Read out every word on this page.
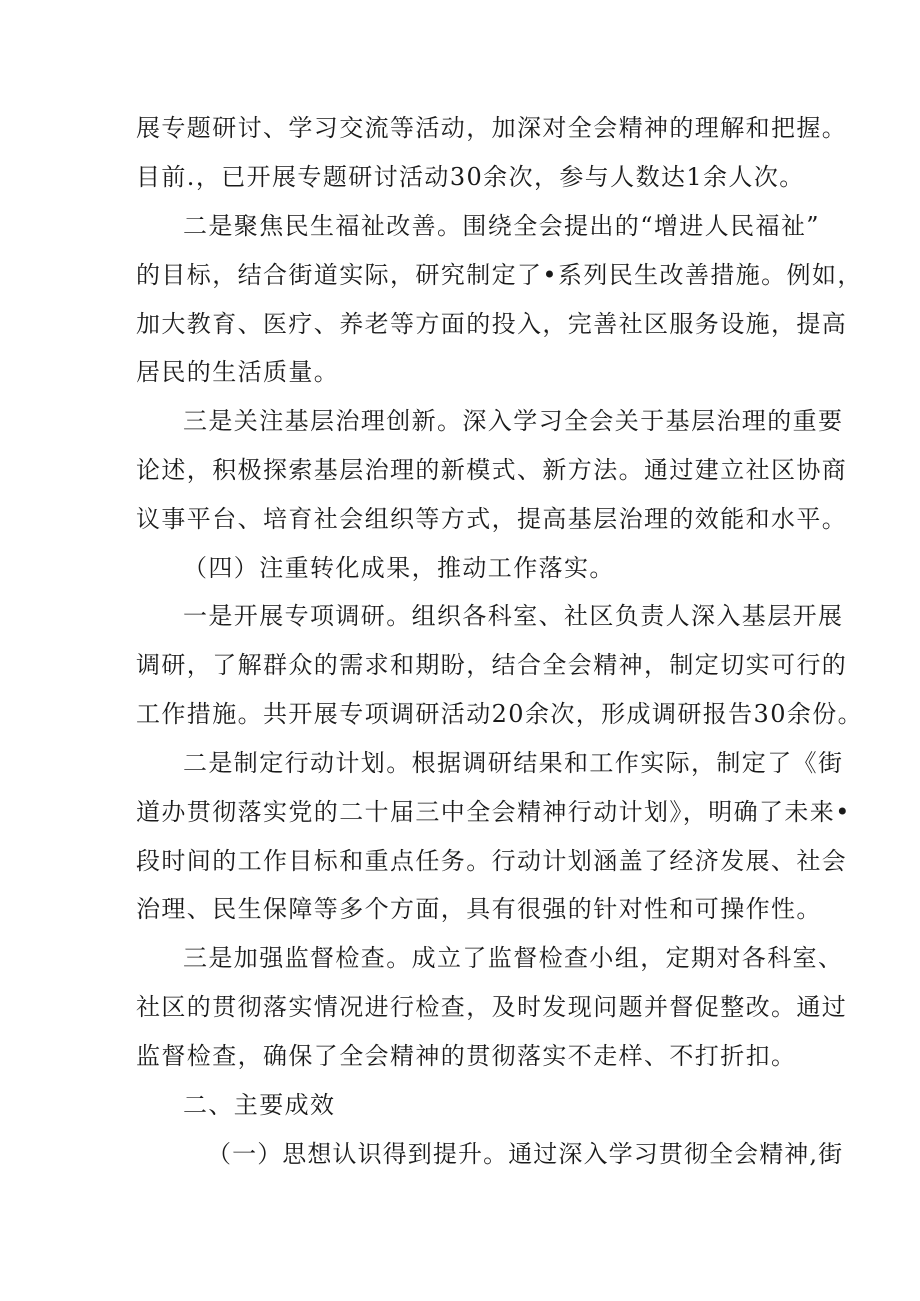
展专题研讨、学习交流等活动，加深对全会精神的理解和把握。
目前.，已开展专题研讨活动30余次，参与人数达1余人次。
二是聚焦民生福祉改善。围绕全会提出的“增进人民福祉”
的目标，结合街道实际，研究制定了•系列民生改善措施。例如，
加大教育、医疗、养老等方面的投入，完善社区服务设施，提高
居民的生活质量。
三是关注基层治理创新。深入学习全会关于基层治理的重要
论述，积极探索基层治理的新模式、新方法。通过建立社区协商
议事平台、培育社会组织等方式，提高基层治理的效能和水平。
（四）注重转化成果，推动工作落实。
一是开展专项调研。组织各科室、社区负责人深入基层开展
调研，了解群众的需求和期盼，结合全会精神，制定切实可行的
工作措施。共开展专项调研活动20余次，形成调研报告30余份。
二是制定行动计划。根据调研结果和工作实际，制定了《街
道办贯彻落实党的二十届三中全会精神行动计划》，明确了未来•
段时间的工作目标和重点任务。行动计划涵盖了经济发展、社会
治理、民生保障等多个方面，具有很强的针对性和可操作性。
三是加强监督检查。成立了监督检查小组，定期对各科室、
社区的贯彻落实情况进行检查，及时发现问题并督促整改。通过
监督检查，确保了全会精神的贯彻落实不走样、不打折扣。
二、主要成效
（一）思想认识得到提升。通过深入学习贯彻全会精神,街
